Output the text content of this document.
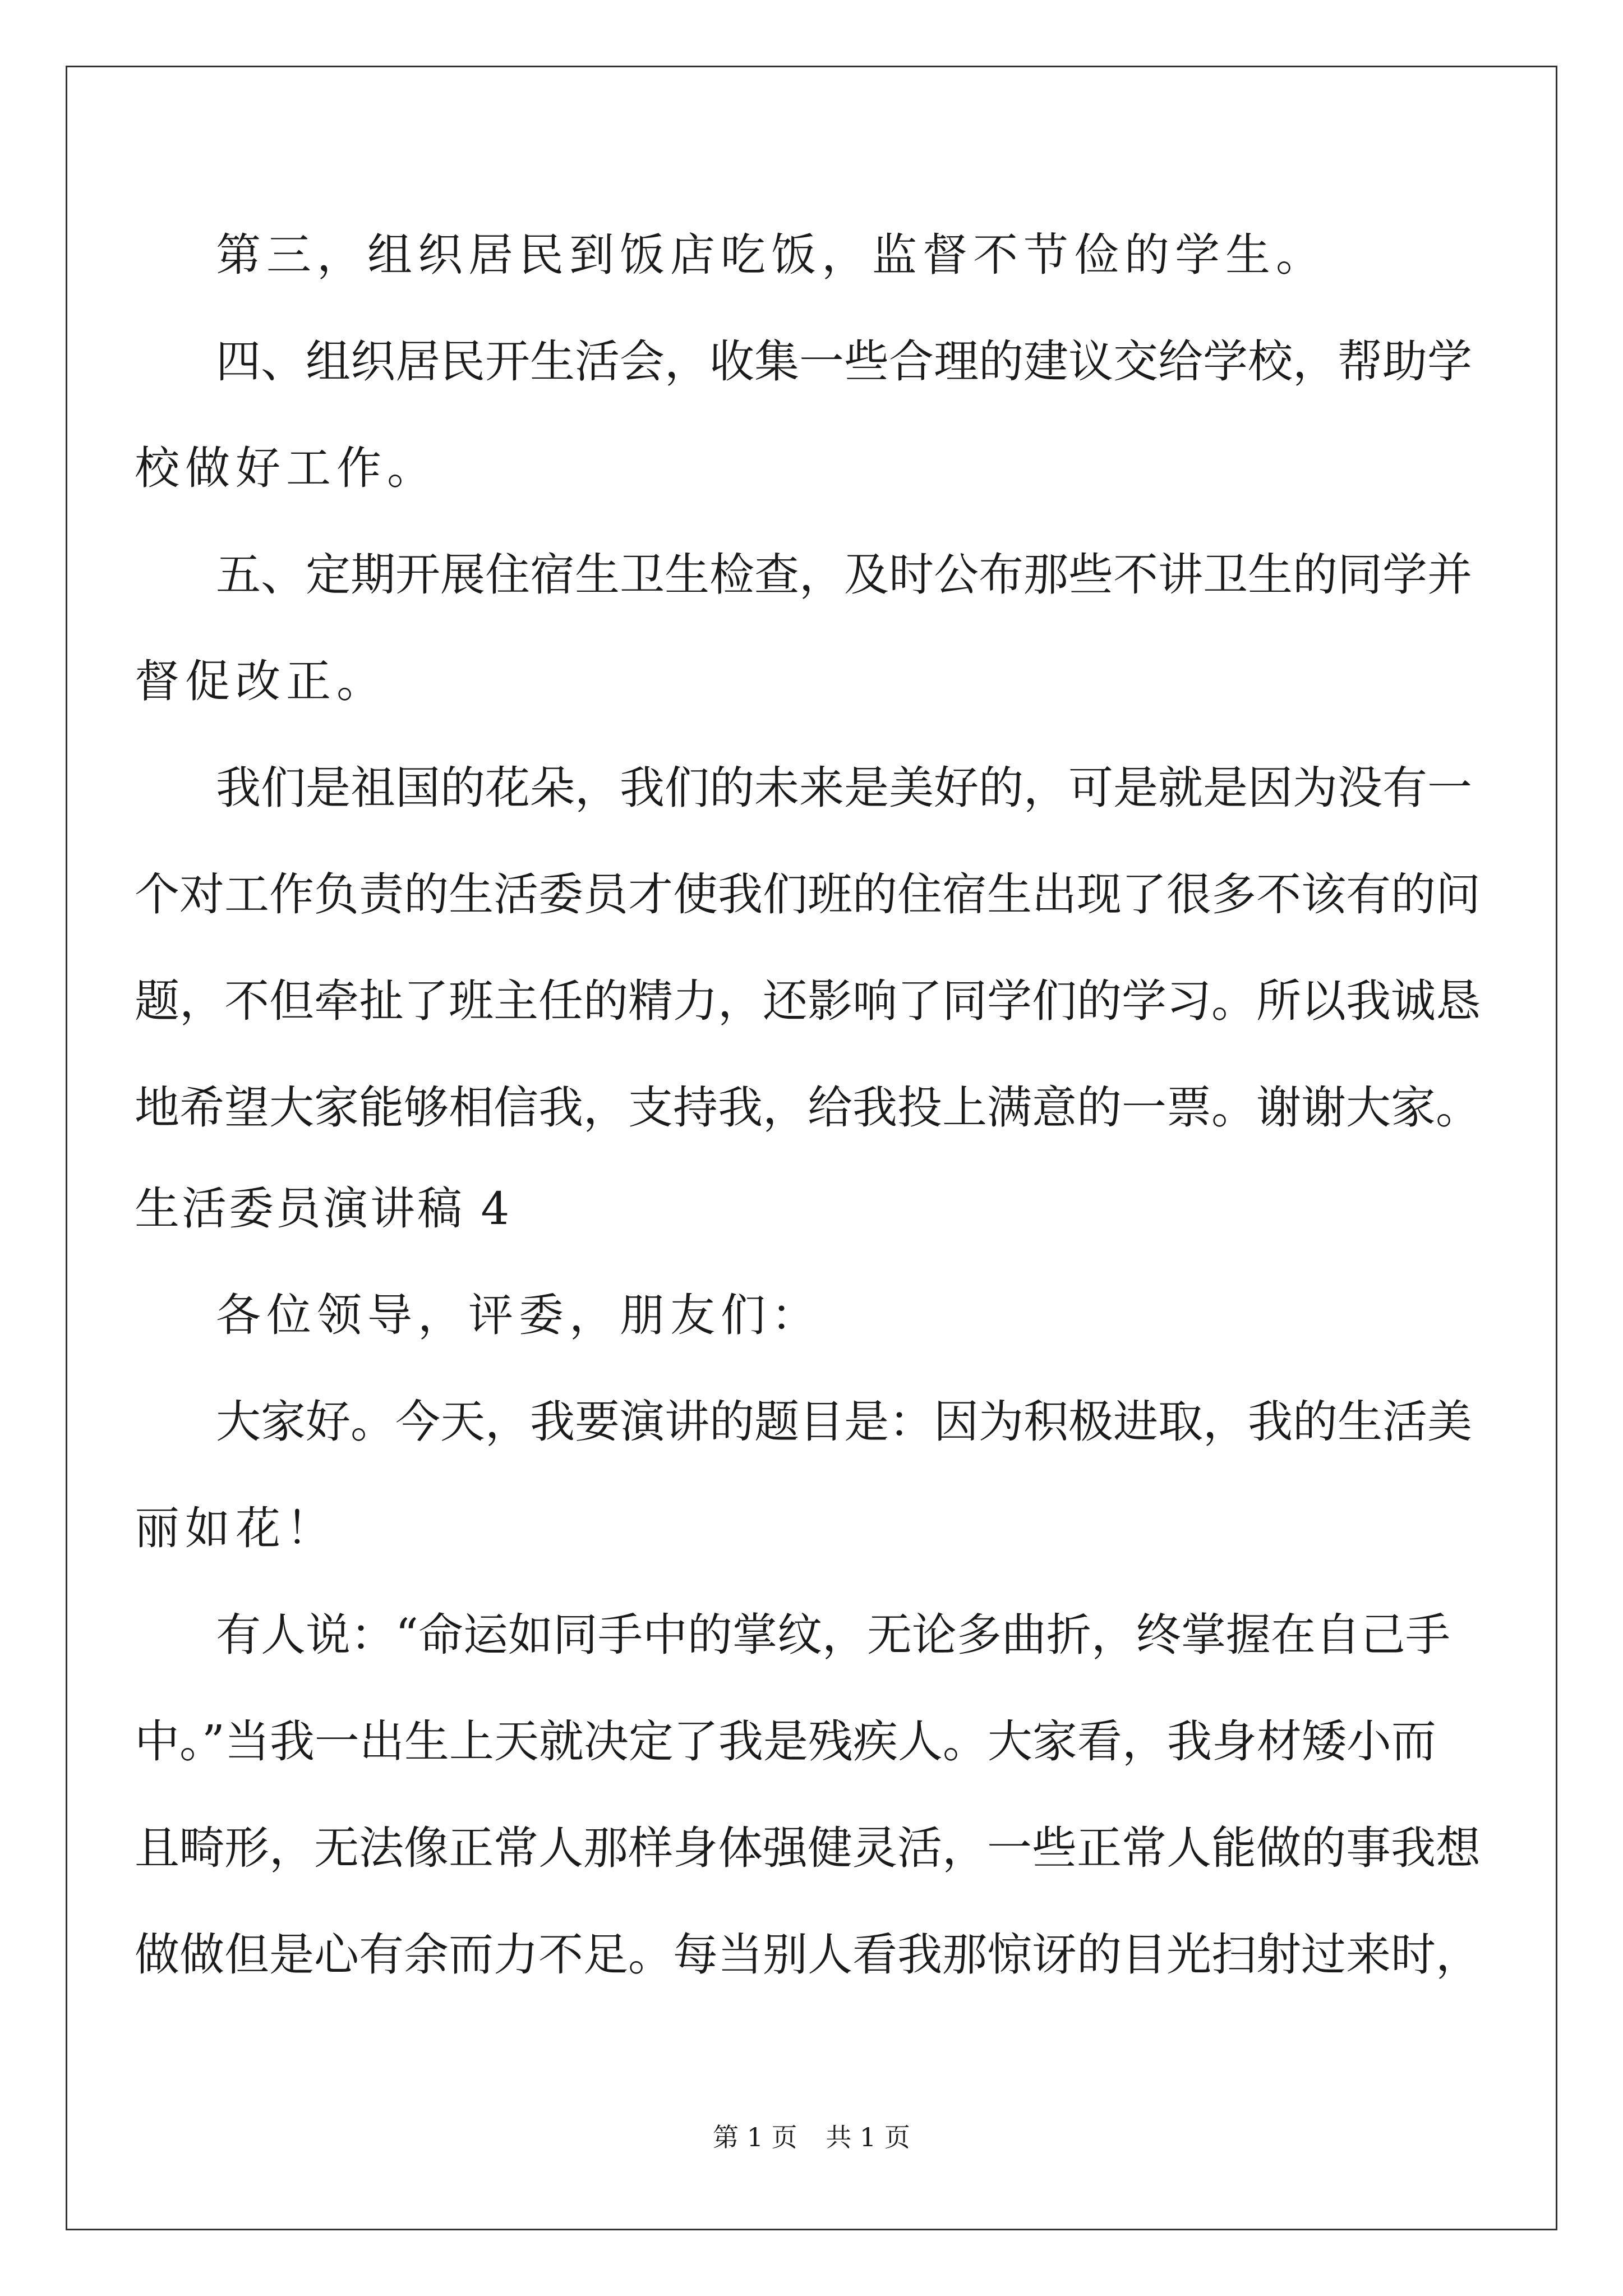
第三，组织居民到饭店吃饭，监督不节俭的学生。
四、组织居民开生活会，收集一些合理的建议交给学校，帮助学
校做好工作。
五、定期开展住宿生卫生检查，及时公布那些不讲卫生的同学并
督促改正。
我们是祖国的花朵，我们的未来是美好的，可是就是因为没有一
个对工作负责的生活委员才使我们班的住宿生出现了很多不该有的问
题，不但牵扯了班主任的精力，还影响了同学们的学习。所以我诚恳
地希望大家能够相信我，支持我，给我投上满意的一票。谢谢大家。
生活委员演讲稿 4
各位领导，评委，朋友们：
大家好。今天，我要演讲的题目是：因为积极进取，我的生活美
丽如花！
有人说：“命运如同手中的掌纹，无论多曲折，终掌握在自己手
中。”当我一出生上天就决定了我是残疾人。大家看，我身材矮小而
且畸形，无法像正常人那样身体强健灵活，一些正常人能做的事我想
做做但是心有余而力不足。每当别人看我那惊讶的目光扫射过来时，
第 1 页 共 1 页
